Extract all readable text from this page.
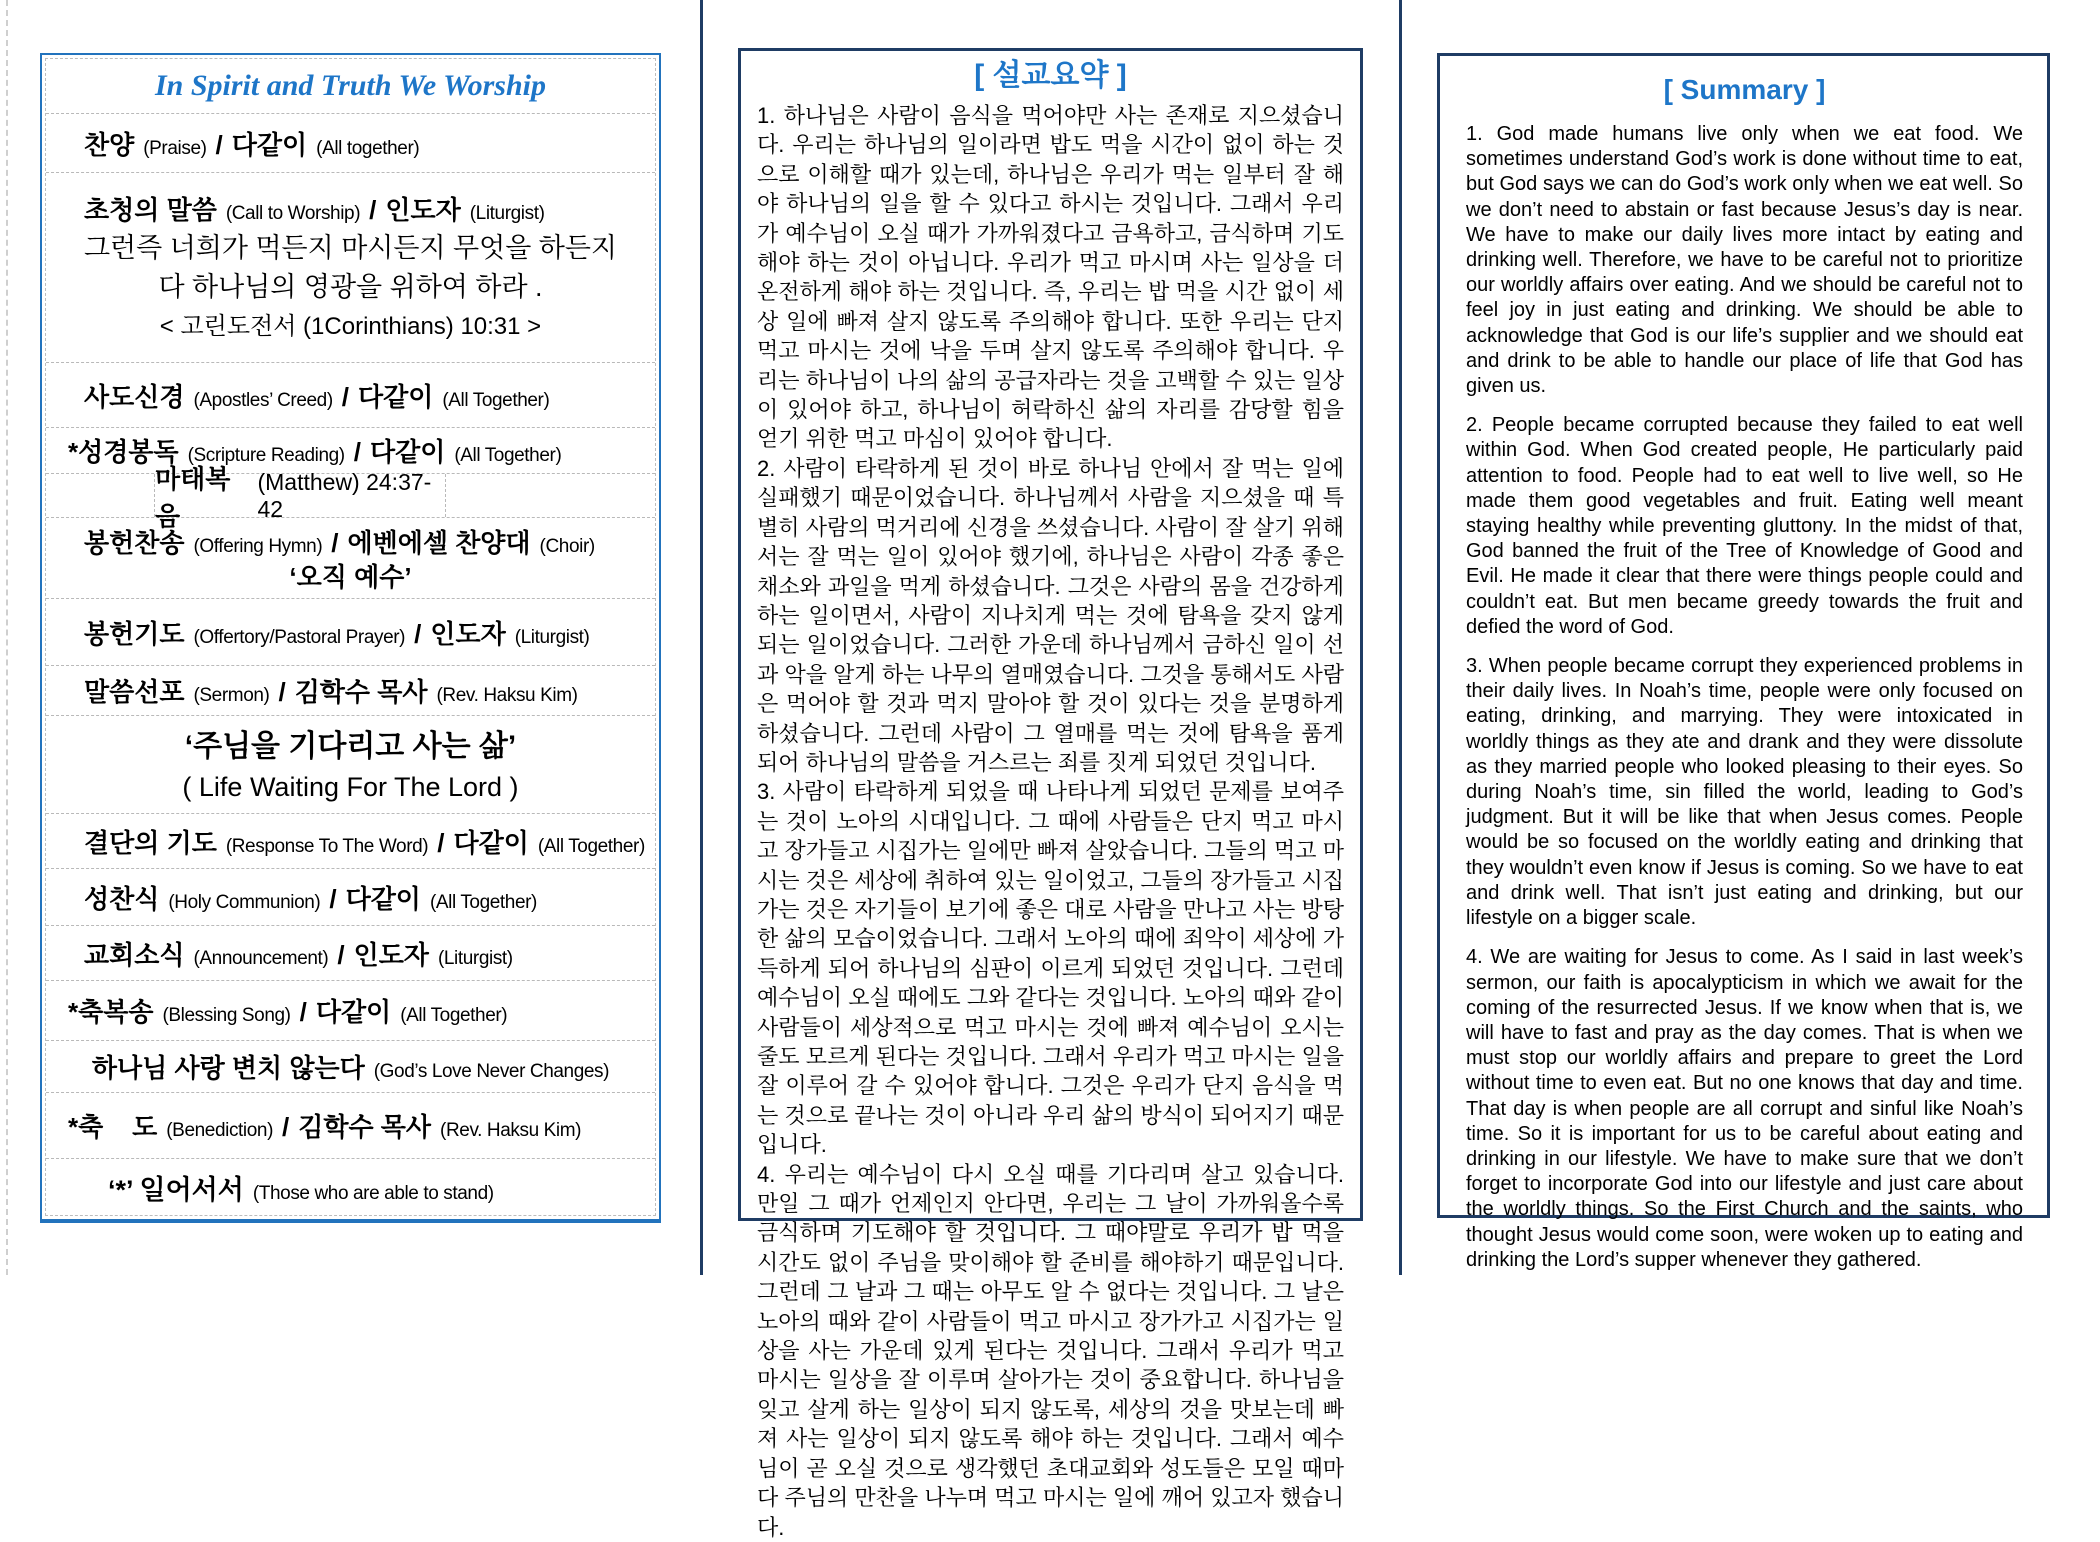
In Spirit and Truth We Worship
찬양 (Praise) / 다같이 (All together)
초청의 말씀 (Call to Worship) / 인도자 (Liturgist)
그런즉 너희가 먹든지 마시든지 무엇을 하든지
다 하나님의 영광을 위하여 하라 .
< 고린도전서 (1Corinthians) 10:31 >
사도신경 (Apostles’ Creed) / 다같이 (All Together)
*성경봉독 (Scripture Reading) / 다같이 (All Together)
마태복음
(Matthew) 24:37-42
봉헌찬송 (Offering Hymn) / 에벤에셀 찬양대 (Choir)
‘오직 예수’
봉헌기도 (Offertory/Pastoral Prayer) / 인도자 (Liturgist)
말씀선포 (Sermon) / 김학수 목사 (Rev. Haksu Kim)
‘주님을 기다리고 사는 삶’
( Life Waiting For The Lord )
결단의 기도 (Response To The Word) / 다같이 (All Together)
성찬식 (Holy Communion) / 다같이 (All Together)
교회소식 (Announcement) / 인도자 (Liturgist)
*축복송 (Blessing Song) / 다같이 (All Together)
하나님 사랑 변치 않는다 (God’s Love Never Changes)
*축    도 (Benediction) / 김학수 목사 (Rev. Haksu Kim)
‘*’ 일어서서 (Those who are able to stand)
[ 설교요약 ]

1. 하나님은 사람이 음식을 먹어야만 사는 존재로 지으셨습니다. 우리는 하나님의 일이라면 밥도 먹을 시간이 없이 하는 것으로 이해할 때가 있는데, 하나님은 우리가 먹는 일부터 잘 해야 하나님의 일을 할 수 있다고 하시는 것입니다. 그래서 우리가 예수님이 오실 때가 가까워졌다고 금욕하고, 금식하며 기도해야 하는 것이 아닙니다. 우리가 먹고 마시며 사는 일상을 더 온전하게 해야 하는 것입니다. 즉, 우리는 밥 먹을 시간 없이 세상 일에 빠져 살지 않도록 주의해야 합니다. 또한 우리는 단지 먹고 마시는 것에 낙을 두며 살지 않도록 주의해야 합니다. 우리는 하나님이 나의 삶의 공급자라는 것을 고백할 수 있는 일상이 있어야 하고, 하나님이 허락하신 삶의 자리를 감당할 힘을 얻기 위한 먹고 마심이 있어야 합니다.

2. 사람이 타락하게 된 것이 바로 하나님 안에서 잘 먹는 일에 실패했기 때문이었습니다. 하나님께서 사람을 지으셨을 때 특별히 사람의 먹거리에 신경을 쓰셨습니다. 사람이 잘 살기 위해서는 잘 먹는 일이 있어야 했기에, 하나님은 사람이 각종 좋은 채소와 과일을 먹게 하셨습니다. 그것은 사람의 몸을 건강하게 하는 일이면서, 사람이 지나치게 먹는 것에 탐욕을 갖지 않게 되는 일이었습니다. 그러한 가운데 하나님께서 금하신 일이 선과 악을 알게 하는 나무의 열매였습니다. 그것을 통해서도 사람은 먹어야 할 것과 먹지 말아야 할 것이 있다는 것을 분명하게 하셨습니다. 그런데 사람이 그 열매를 먹는 것에 탐욕을 품게 되어 하나님의 말씀을 거스르는 죄를 짓게 되었던 것입니다.

3. 사람이 타락하게 되었을 때 나타나게 되었던 문제를 보여주는 것이 노아의 시대입니다. 그 때에 사람들은 단지 먹고 마시고 장가들고 시집가는 일에만 빠져 살았습니다. 그들의 먹고 마시는 것은 세상에 취하여 있는 일이었고, 그들의 장가들고 시집가는 것은 자기들이 보기에 좋은 대로 사람을 만나고 사는 방탕한 삶의 모습이었습니다. 그래서 노아의 때에 죄악이 세상에 가득하게 되어 하나님의 심판이 이르게 되었던 것입니다. 그런데 예수님이 오실 때에도 그와 같다는 것입니다. 노아의 때와 같이 사람들이 세상적으로 먹고 마시는 것에 빠져 예수님이 오시는 줄도 모르게 된다는 것입니다. 그래서 우리가 먹고 마시는 일을 잘 이루어 갈 수 있어야 합니다. 그것은 우리가 단지 음식을 먹는 것으로 끝나는 것이 아니라 우리 삶의 방식이 되어지기 때문입니다.

4. 우리는 예수님이 다시 오실 때를 기다리며 살고 있습니다. 만일 그 때가 언제인지 안다면, 우리는 그 날이 가까워올수록 금식하며 기도해야 할 것입니다. 그 때야말로 우리가 밥 먹을 시간도 없이 주님을 맞이해야 할 준비를 해야하기 때문입니다. 그런데 그 날과 그 때는 아무도 알 수 없다는 것입니다. 그 날은 노아의 때와 같이 사람들이 먹고 마시고 장가가고 시집가는 일상을 사는 가운데 있게 된다는 것입니다. 그래서 우리가 먹고 마시는 일상을 잘 이루며 살아가는 것이 중요합니다. 하나님을 잊고 살게 하는 일상이 되지 않도록, 세상의 것을 맛보는데 빠져 사는 일상이 되지 않도록 해야 하는 것입니다. 그래서 예수님이 곧 오실 것으로 생각했던 초대교회와 성도들은 모일 때마다 주님의 만찬을 나누며 먹고 마시는 일에 깨어 있고자 했습니다.

[ Summary ]

1. God made humans live only when we eat food. We sometimes understand God’s work is done without time to eat, but God says we can do God’s work only when we eat well. So we don’t need to abstain or fast because Jesus’s day is near. We have to make our daily lives more intact by eating and drinking well. Therefore, we have to be careful not to prioritize our worldly affairs over eating. And we should be careful not to feel joy in just eating and drinking. We should be able to acknowledge that God is our life’s supplier and we should eat and drink to be able to handle our place of life that God has given us.

2. People became corrupted because they failed to eat well within God. When God created people, He particularly paid attention to food. People had to eat well to live well, so He made them good vegetables and fruit. Eating well meant staying healthy while preventing gluttony. In the midst of that, God banned the fruit of the Tree of Knowledge of Good and Evil. He made it clear that there were things people could and couldn’t eat. But men became greedy towards the fruit and defied the word of God.

3. When people became corrupt they experienced problems in their daily lives. In Noah’s time, people were only focused on eating, drinking, and marrying. They were intoxicated in worldly things as they ate and drank and they were dissolute as they married people who looked pleasing to their eyes. So during Noah’s time, sin filled the world, leading to God’s judgment. But it will be like that when Jesus comes. People would be so focused on the worldly eating and drinking that they wouldn’t even know if Jesus is coming. So we have to eat and drink well. That isn’t just eating and drinking, but our lifestyle on a bigger scale.

4. We are waiting for Jesus to come. As I said in last week’s sermon, our faith is apocalypticism in which we await for the coming of the resurrected Jesus. If we know when that is, we will have to fast and pray as the day comes. That is when we must stop our worldly affairs and prepare to greet the Lord without time to even eat. But no one knows that day and time. That day is when people are all corrupt and sinful like Noah’s time. So it is important for us to be careful about eating and drinking in our lifestyle. We have to make sure that we don’t forget to incorporate God into our lifestyle and just care about the worldly things. So the First Church and the saints, who thought Jesus would come soon, were woken up to eating and drinking the Lord’s supper whenever they gathered.
